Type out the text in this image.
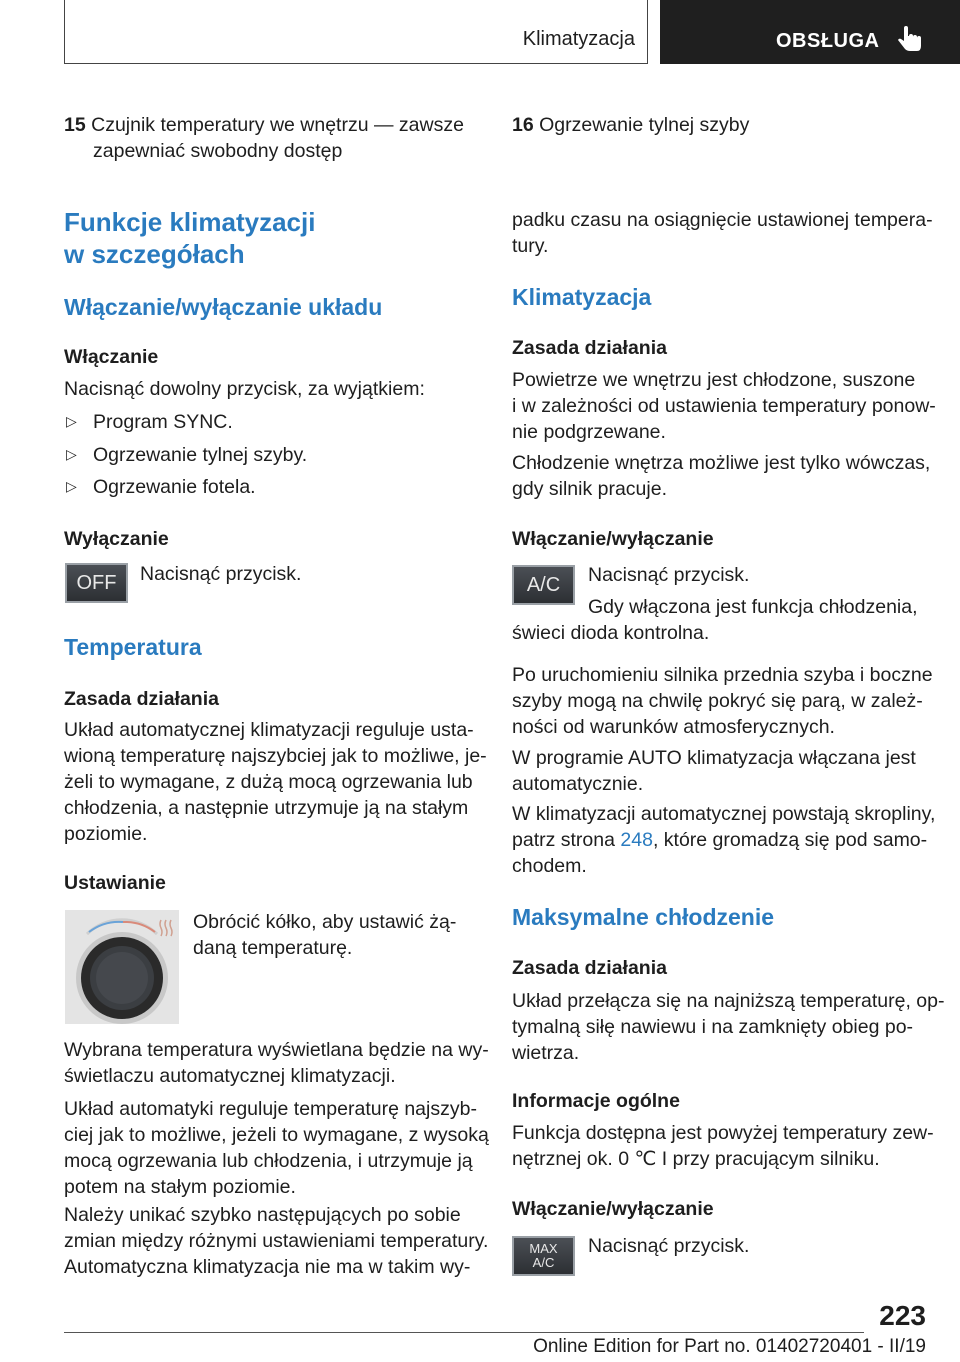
Klimatyzacja	OBSŁUGA
15 Czujnik temperatury we wnętrzu — zawsze
zapewniać swobodny dostęp
16 Ogrzewanie tylnej szyby
Funkcje klimatyzacji
w szczegółach
Włączanie/wyłączanie układu
Włączanie
Nacisnąć dowolny przycisk, za wyjątkiem:
▷ Program SYNC.
▷ Ogrzewanie tylnej szyby.
▷ Ogrzewanie fotela.
Wyłączanie
OFF Nacisnąć przycisk.
Temperatura
Zasada działania
Układ automatycznej klimatyzacji reguluje usta-
wioną temperaturę najszybciej jak to możliwe, je-
żeli to wymagane, z dużą mocą ogrzewania lub
chłodzenia, a następnie utrzymuje ją na stałym
poziomie.
Ustawianie
Obrócić kółko, aby ustawić żą-
daną temperaturę.
Wybrana temperatura wyświetlana będzie na wy-
świetlaczu automatycznej klimatyzacji.
Układ automatyki reguluje temperaturę najszyb-
ciej jak to możliwe, jeżeli to wymagane, z wysoką
mocą ogrzewania lub chłodzenia, i utrzymuje ją
potem na stałym poziomie.
Należy unikać szybko następujących po sobie
zmian między różnymi ustawieniami temperatury.
Automatyczna klimatyzacja nie ma w takim wy-
padku czasu na osiągnięcie ustawionej tempera-
tury.
Klimatyzacja
Zasada działania
Powietrze we wnętrzu jest chłodzone, suszone
i w zależności od ustawienia temperatury ponow-
nie podgrzewane.
Chłodzenie wnętrza możliwe jest tylko wówczas,
gdy silnik pracuje.
Włączanie/wyłączanie
A/C Nacisnąć przycisk.
Gdy włączona jest funkcja chłodzenia,
świeci dioda kontrolna.
Po uruchomieniu silnika przednia szyba i boczne
szyby mogą na chwilę pokryć się parą, w zależ-
ności od warunków atmosferycznych.
W programie AUTO klimatyzacja włączana jest
automatycznie.
W klimatyzacji automatycznej powstają skropliny,
patrz strona 248, które gromadzą się pod samo-
chodem.
Maksymalne chłodzenie
Zasada działania
Układ przełącza się na najniższą temperaturę, op-
tymalną siłę nawiewu i na zamknięty obieg po-
wietrza.
Informacje ogólne
Funkcja dostępna jest powyżej temperatury zew-
nętrznej ok. 0 ℃ I przy pracującym silniku.
Włączanie/wyłączanie
MAX
A/C
Nacisnąć przycisk.
223
Online Edition for Part no. 01402720401 - II/19
